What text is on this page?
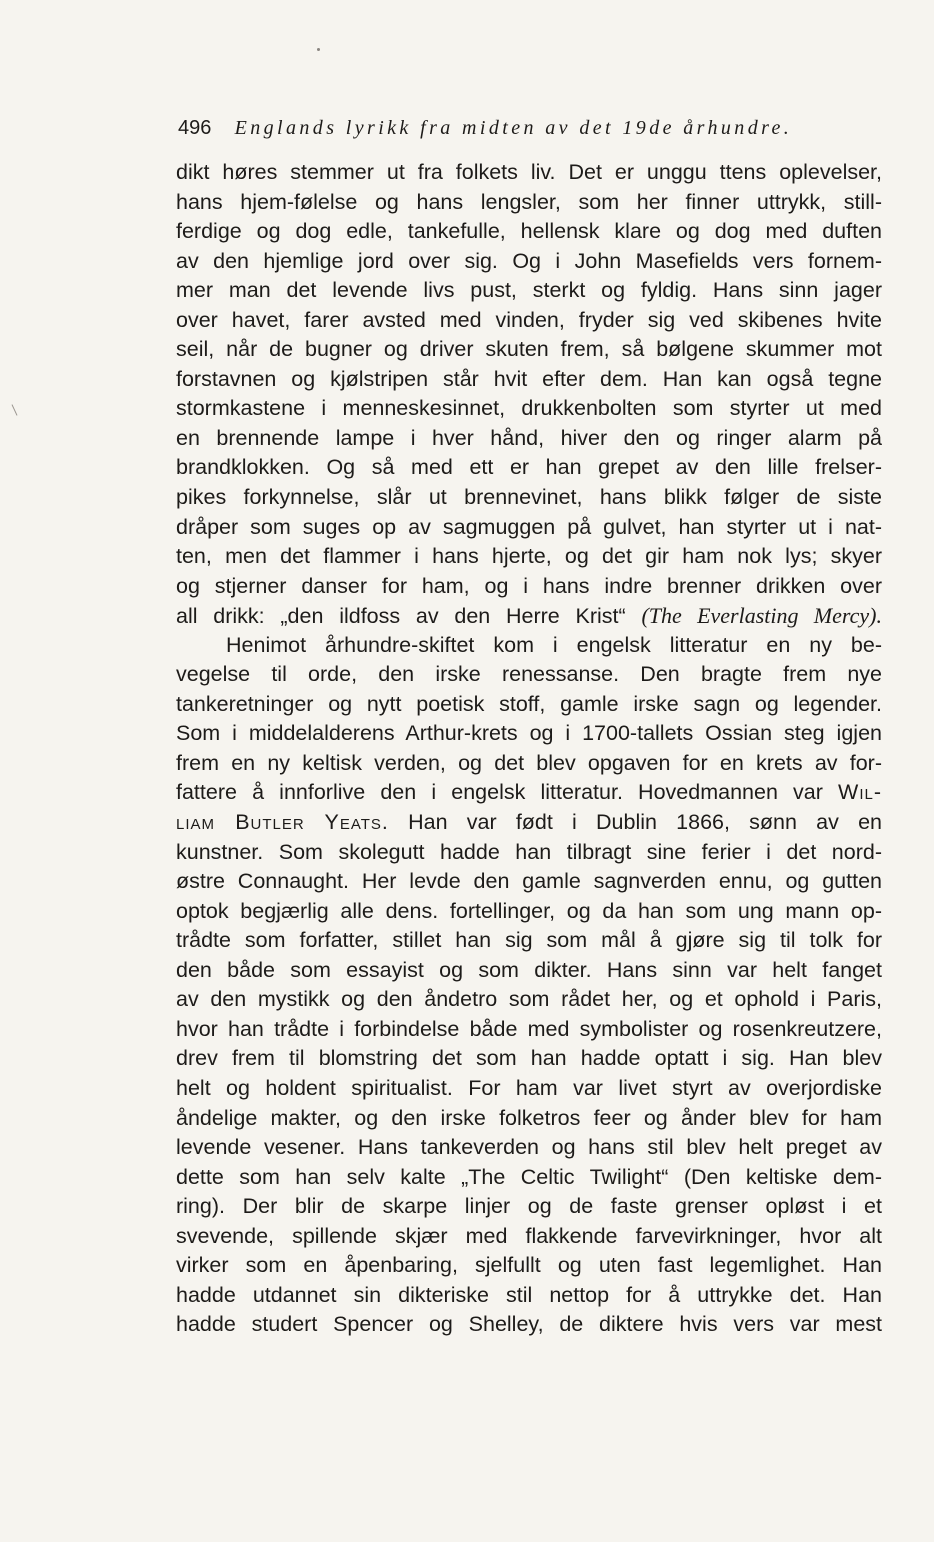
496 Englands lyrikk fra midten av det 19de århundre.
dikt høres stemmer ut fra folkets liv. Det er unggu ttens oplevelser,
hans hjem-følelse og hans lengsler, som her finner uttrykk, still-
ferdige og dog edle, tankefulle, hellensk klare og dog med duften
av den hjemlige jord over sig. Og i John Masefields vers fornem-
mer man det levende livs pust, sterkt og fyldig. Hans sinn jager
over havet, farer avsted med vinden, fryder sig ved skibenes hvite
seil, når de bugner og driver skuten frem, så bølgene skummer mot
forstavnen og kjølstripen står hvit efter dem. Han kan også tegne
stormkastene i menneskesinnet, drukkenbolten som styrter ut med
en brennende lampe i hver hånd, hiver den og ringer alarm på
brandklokken. Og så med ett er han grepet av den lille frelser-
pikes forkynnelse, slår ut brennevinet, hans blikk følger de siste
dråper som suges op av sagmuggen på gulvet, han styrter ut i nat-
ten, men det flammer i hans hjerte, og det gir ham nok lys; skyer
og stjerner danser for ham, og i hans indre brenner drikken over
all drikk: „den ildfoss av den Herre Krist“ (The Everlasting Mercy).
Henimot århundre-skiftet kom i engelsk litteratur en ny be-
vegelse til orde, den irske renessanse. Den bragte frem nye
tankeretninger og nytt poetisk stoff, gamle irske sagn og legender.
Som i middelalderens Arthur-krets og i 1700-tallets Ossian steg igjen
frem en ny keltisk verden, og det blev opgaven for en krets av for-
fattere å innforlive den i engelsk litteratur. Hovedmannen var Wil-
liam Butler Yeats. Han var født i Dublin 1866, sønn av en
kunstner. Som skolegutt hadde han tilbragt sine ferier i det nord-
østre Connaught. Her levde den gamle sagnverden ennu, og gutten
optok begjærlig alle dens. fortellinger, og da han som ung mann op-
trådte som forfatter, stillet han sig som mål å gjøre sig til tolk for
den både som essayist og som dikter. Hans sinn var helt fanget
av den mystikk og den åndetro som rådet her, og et ophold i Paris,
hvor han trådte i forbindelse både med symbolister og rosenkreutzere,
drev frem til blomstring det som han hadde optatt i sig. Han blev
helt og holdent spiritualist. For ham var livet styrt av overjordiske
åndelige makter, og den irske folketros feer og ånder blev for ham
levende vesener. Hans tankeverden og hans stil blev helt preget av
dette som han selv kalte „The Celtic Twilight“ (Den keltiske dem-
ring). Der blir de skarpe linjer og de faste grenser opløst i et
svevende, spillende skjær med flakkende farvevirkninger, hvor alt
virker som en åpenbaring, sjelfullt og uten fast legemlighet. Han
hadde utdannet sin dikteriske stil nettop for å uttrykke det. Han
hadde studert Spencer og Shelley, de diktere hvis vers var mest
